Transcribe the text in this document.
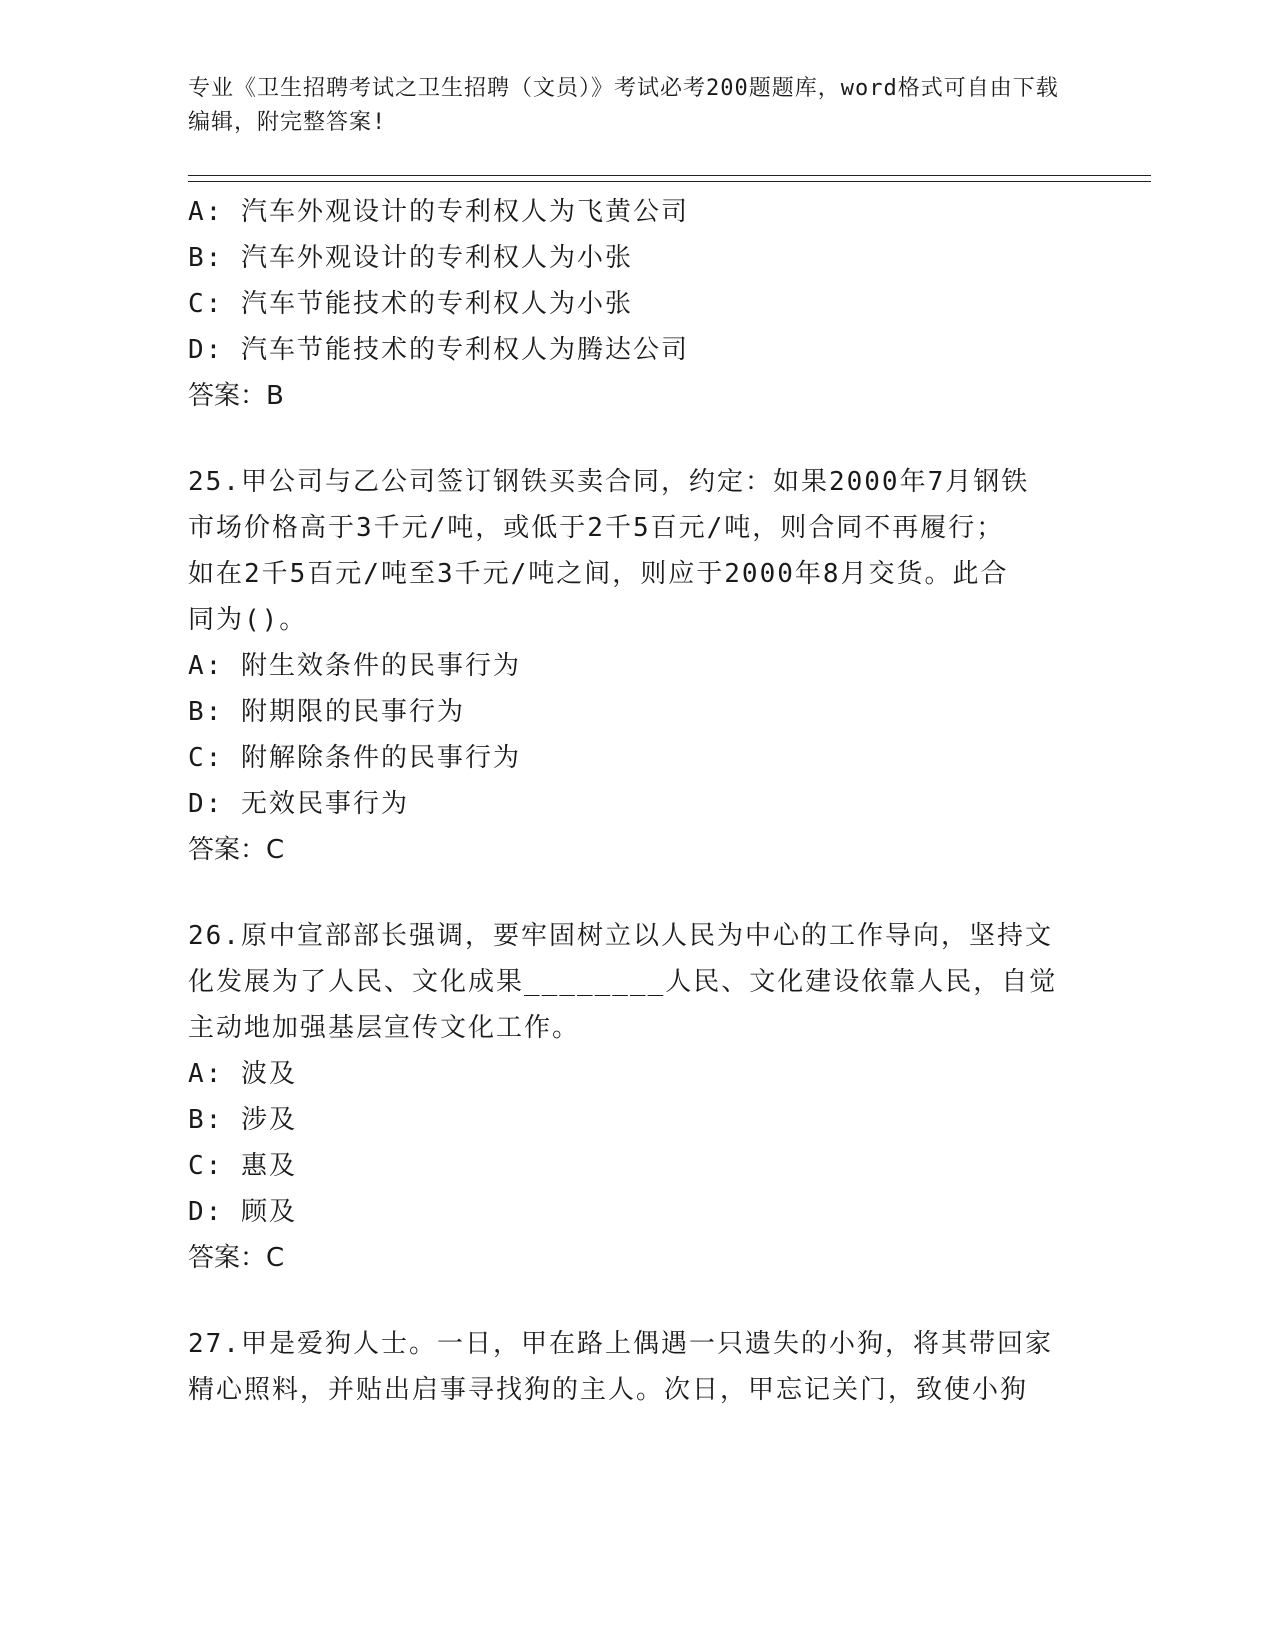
专业《卫生招聘考试之卫生招聘（文员）》考试必考200题题库，word格式可自由下载编辑，附完整答案!
A: 汽车外观设计的专利权人为飞黄公司
B: 汽车外观设计的专利权人为小张
C: 汽车节能技术的专利权人为小张
D: 汽车节能技术的专利权人为腾达公司
答案：B
25.甲公司与乙公司签订钢铁买卖合同，约定：如果2000年7月钢铁
市场价格高于3千元/吨，或低于2千5百元/吨，则合同不再履行；
如在2千5百元/吨至3千元/吨之间，则应于2000年8月交货。此合
同为()。
A: 附生效条件的民事行为
B: 附期限的民事行为
C: 附解除条件的民事行为
D: 无效民事行为
答案：C
26.原中宣部部长强调，要牢固树立以人民为中心的工作导向，坚持文
化发展为了人民、文化成果________人民、文化建设依靠人民，自觉
主动地加强基层宣传文化工作。
A: 波及
B: 涉及
C: 惠及
D: 顾及
答案：C
27.甲是爱狗人士。一日，甲在路上偶遇一只遗失的小狗，将其带回家
精心照料，并贴出启事寻找狗的主人。次日，甲忘记关门，致使小狗
